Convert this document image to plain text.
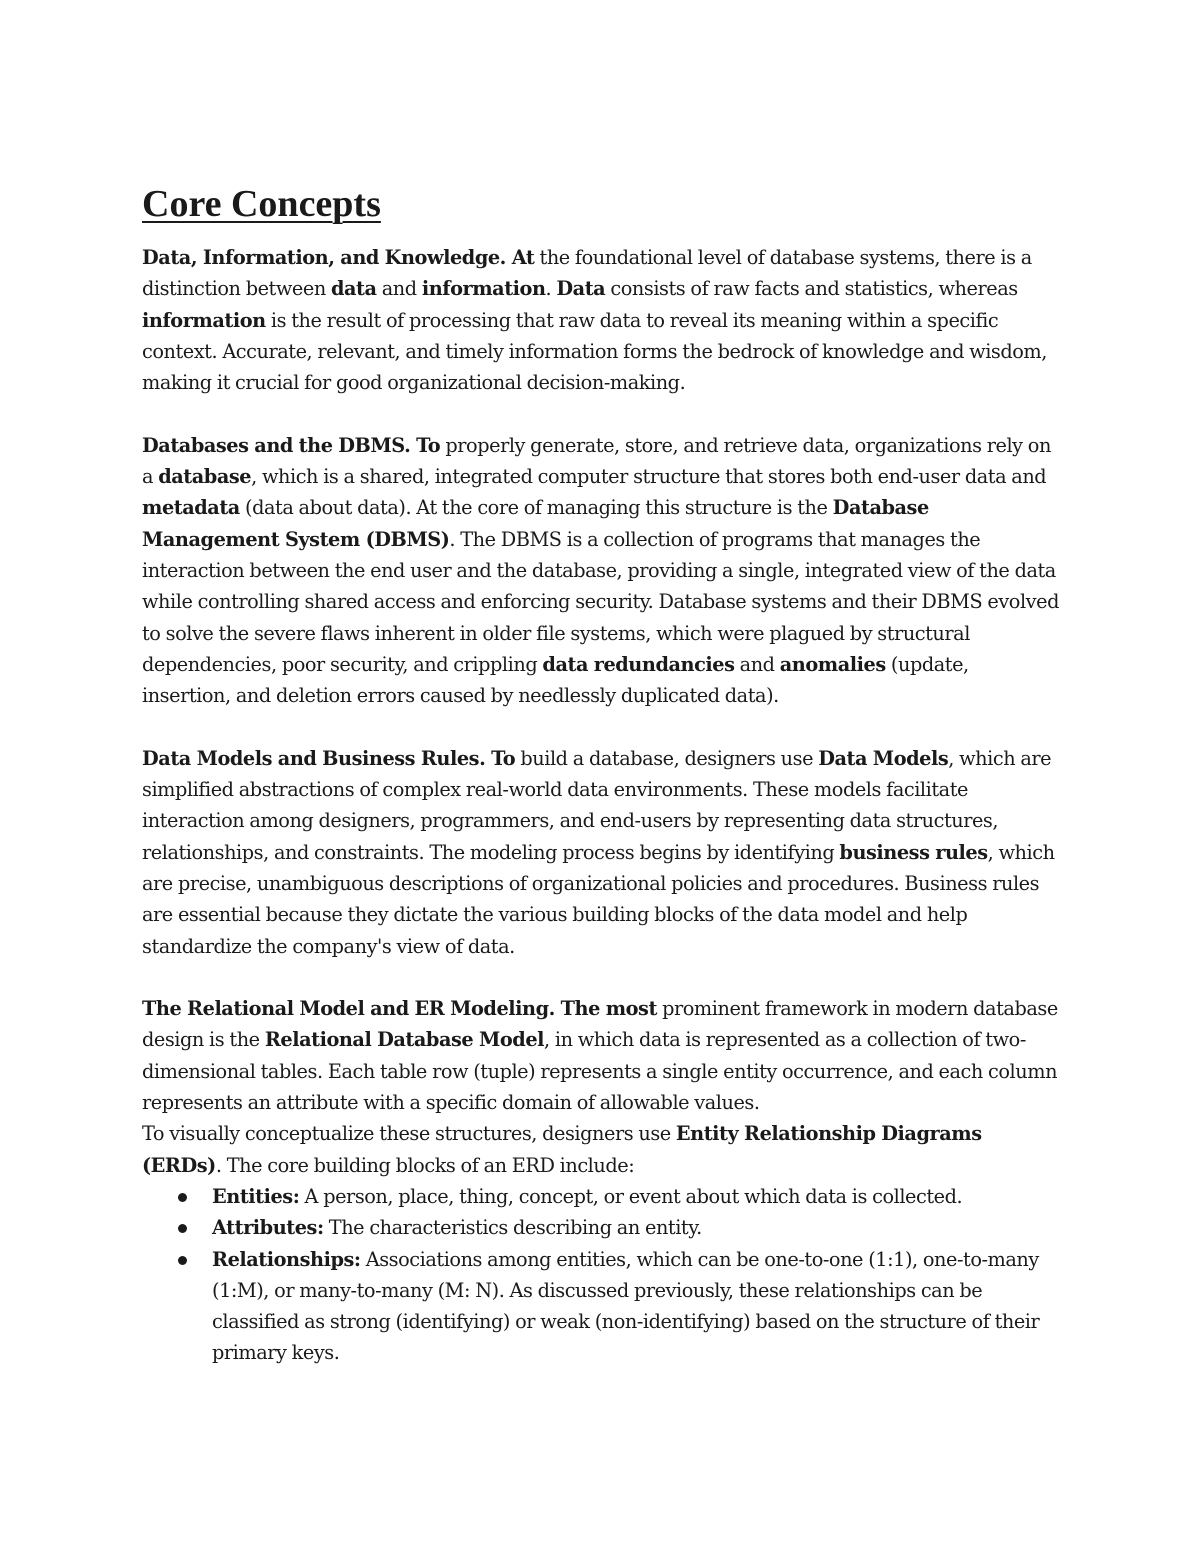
Core Concepts

Data, Information, and Knowledge. At the foundational level of database systems, there is a distinction between data and information. Data consists of raw facts and statistics, whereas information is the result of processing that raw data to reveal its meaning within a specific context. Accurate, relevant, and timely information forms the bedrock of knowledge and wisdom, making it crucial for good organizational decision-making.

Databases and the DBMS. To properly generate, store, and retrieve data, organizations rely on a database, which is a shared, integrated computer structure that stores both end-user data and metadata (data about data). At the core of managing this structure is the Database Management System (DBMS). The DBMS is a collection of programs that manages the interaction between the end user and the database, providing a single, integrated view of the data while controlling shared access and enforcing security. Database systems and their DBMS evolved to solve the severe flaws inherent in older file systems, which were plagued by structural dependencies, poor security, and crippling data redundancies and anomalies (update, insertion, and deletion errors caused by needlessly duplicated data).

Data Models and Business Rules. To build a database, designers use Data Models, which are simplified abstractions of complex real-world data environments. These models facilitate interaction among designers, programmers, and end-users by representing data structures, relationships, and constraints. The modeling process begins by identifying business rules, which are precise, unambiguous descriptions of organizational policies and procedures. Business rules are essential because they dictate the various building blocks of the data model and help standardize the company's view of data.

The Relational Model and ER Modeling. The most prominent framework in modern database design is the Relational Database Model, in which data is represented as a collection of two-dimensional tables. Each table row (tuple) represents a single entity occurrence, and each column represents an attribute with a specific domain of allowable values.

To visually conceptualize these structures, designers use Entity Relationship Diagrams (ERDs). The core building blocks of an ERD include:

Entities: A person, place, thing, concept, or event about which data is collected.
Attributes: The characteristics describing an entity.
Relationships: Associations among entities, which can be one-to-one (1:1), one-to-many (1:M), or many-to-many (M: N). As discussed previously, these relationships can be classified as strong (identifying) or weak (non-identifying) based on the structure of their primary keys.
